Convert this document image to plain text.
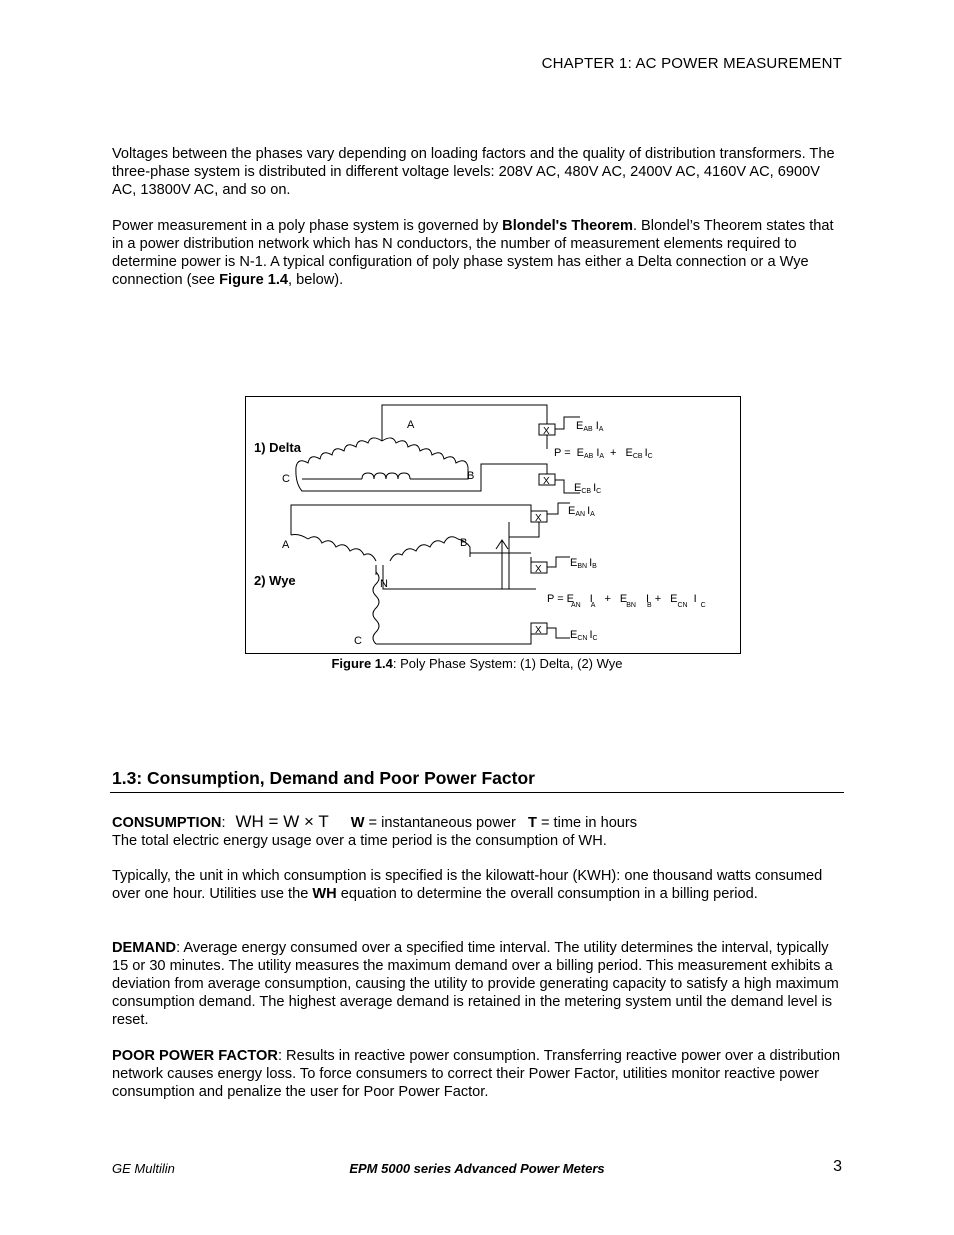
CHAPTER 1: AC POWER MEASUREMENT

Voltages between the phases vary depending on loading factors and the quality of distribution transformers. The three-phase system is distributed in different voltage levels: 208V AC, 480V AC, 2400V AC, 4160V AC, 6900V AC, 13800V AC, and so on.

Power measurement in a poly phase system is governed by Blondel's Theorem. Blondel’s Theorem states that in a power distribution network which has N conductors, the number of measurement elements required to determine power is N-1. A typical configuration of poly phase system has either a Delta connection or a Wye connection (see Figure 1.4, below).

1) Delta
A
C	B
X
X
EAB IA
P = EAB IA + ECB IC
ECB IC
2) Wye
A	B
N
C
X
X
X
EAN IA
EBN IB
P = E ANI A+ EBNI $B+ E_{CN}I_C$
ECN IC
Figure 1.4: Poly Phase System: (1) Delta, (2) Wye
1.3: Consumption, Demand and Poor Power Factor

CONSUMPTION: WH = W × T W = instantaneous power   T = time in hours
The total electric energy usage over a time period is the consumption of WH.

Typically, the unit in which consumption is specified is the kilowatt-hour (KWH): one thousand watts consumed over one hour. Utilities use the WH equation to determine the overall consumption in a billing period.

DEMAND: Average energy consumed over a specified time interval. The utility determines the interval, typically 15 or 30 minutes. The utility measures the maximum demand over a billing period. This measurement exhibits a deviation from average consumption, causing the utility to provide generating capacity to satisfy a high maximum consumption demand. The highest average demand is retained in the metering system until the demand level is reset.

POOR POWER FACTOR: Results in reactive power consumption. Transferring reactive power over a distribution network causes energy loss. To force consumers to correct their Power Factor, utilities monitor reactive power consumption and penalize the user for Poor Power Factor.

GE Multilin	EPM 5000 series Advanced Power Meters	3
